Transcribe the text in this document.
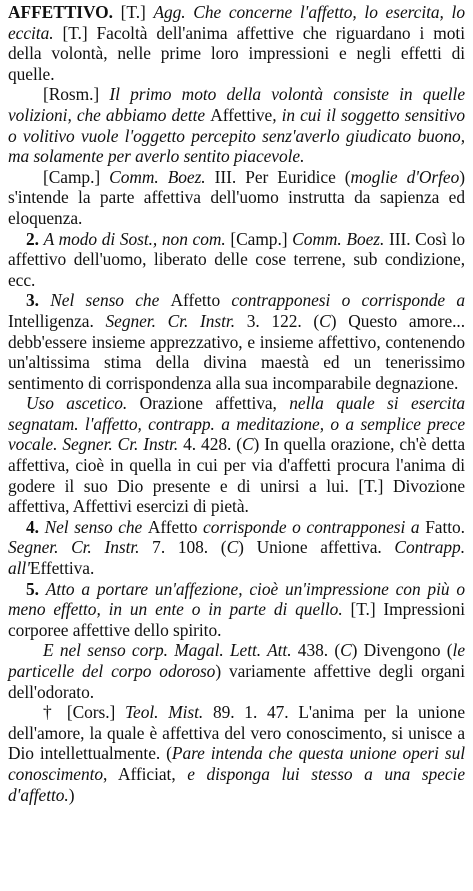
AFFETTIVO. [T.] Agg. Che concerne l'affetto, lo esercita, lo eccita. [T.] Facoltà dell'anima affettive che riguardano i moti della volontà, nelle prime loro impressioni e negli effetti di quelle.

[Rosm.] Il primo moto della volontà consiste in quelle volizioni, che abbiamo dette Affettive, in cui il soggetto sensitivo o volitivo vuole l'oggetto percepito senz'averlo giudicato buono, ma solamente per averlo sentito piacevole.

[Camp.] Comm. Boez. III. Per Euridice (moglie d'Orfeo) s'intende la parte affettiva dell'uomo instrutta da sapienza ed eloquenza.

2. A modo di Sost., non com. [Camp.] Comm. Boez. III. Così lo affettivo dell'uomo, liberato delle cose terrene, sub condizione, ecc.

3. Nel senso che Affetto contrapponesi o corrisponde a Intelligenza. Segner. Cr. Instr. 3. 122. (C) Questo amore... debb'essere insieme apprezzativo, e insieme affettivo, contenendo un'altissima stima della divina maestà ed un tenerissimo sentimento di corrispondenza alla sua incomparabile degnazione.

Uso ascetico. Orazione affettiva, nella quale si esercita segnatam. l'affetto, contrapp. a meditazione, o a semplice prece vocale. Segner. Cr. Instr. 4. 428. (C) In quella orazione, ch'è detta affettiva, cioè in quella in cui per via d'affetti procura l'anima di godere il suo Dio presente e di unirsi a lui. [T.] Divozione affettiva, Affettivi esercizi di pietà.

4. Nel senso che Affetto corrisponde o contrapponesi a Fatto. Segner. Cr. Instr. 7. 108. (C) Unione affettiva. Contrapp. all'Effettiva.

5. Atto a portare un'affezione, cioè un'impressione con più o meno effetto, in un ente o in parte di quello. [T.] Impressioni corporee affettive dello spirito.

E nel senso corp. Magal. Lett. Att. 438. (C) Divengono (le particelle del corpo odoroso) variamente affettive degli organi dell'odorato.

† [Cors.] Teol. Mist. 89. 1. 47. L'anima per la unione dell'amore, la quale è affettiva del vero conoscimento, si unisce a Dio intellettualmente. (Pare intenda che questa unione operi sul conoscimento, Afficiat, e disponga lui stesso a una specie d'affetto.)
